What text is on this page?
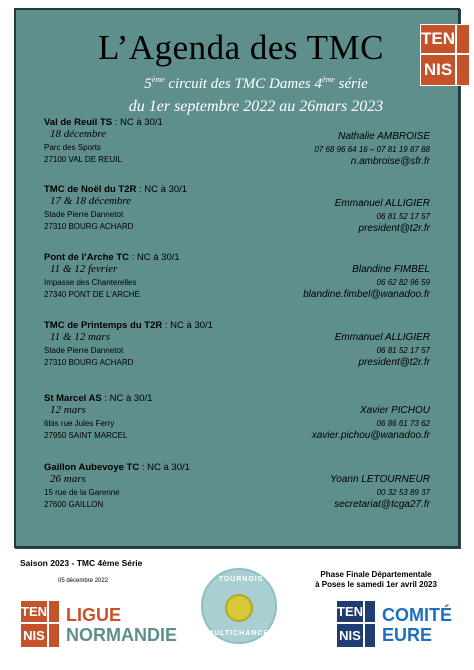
L’Agenda des TMC	TEN
NIS
5ème circuit des TMC Dames 4ème série
du 1er septembre 2022 au 26mars 2023
Val de Reuil TS : NC à 30/1
18 décembre
Parc des Sports
27100 VAL DE REUIL
Nathalie AMBROISE
07 68 96 64 16 – 07 81 19 87 88
n.ambroise@sfr.fr
TMC de Noël du T2R : NC à 30/1
17 & 18 décembre
Stade Pierre Dannetot
27310 BOURG ACHARD
Emmanuel ALLIGIER
06 81 52 17 57
president@t2r.fr
Pont de l’Arche TC : NC à 30/1
11 & 12 fevrier
Impasse des Chanterelles
27340 PONT DE L’ARCHE
Blandine FIMBEL
06 62 82 96 59
blandine.fimbel@wanadoo.fr
TMC de Printemps du T2R : NC à 30/1
11 & 12 mars
Stade Pierre Dannetot
27310 BOURG ACHARD
Emmanuel ALLIGIER
06 81 52 17 57
president@t2r.fr
St Marcel AS : NC à 30/1
12 mars
6bis rue Jules Ferry
27950 SAINT MARCEL
Xavier PICHOU
06 86 61 73 62
xavier.pichou@wanadoo.fr
Gaillon Aubevoye TC : NC à 30/1
26 mars
15 rue de la Garenne
27600 GAILLON
Yoann LETOURNEUR
00 32 53 89 37
secretariat@tcga27.fr
Saison 2023 - TMC 4ème Série
05 décembre 2022
Phase Finale Départementale
à Poses le samedi 1er avril 2023
TEN
NIS
LIGUE
NORMANDIE
TOURNOIS
MULTICHANCES
TEN
NIS
COMITÉ
EURE
